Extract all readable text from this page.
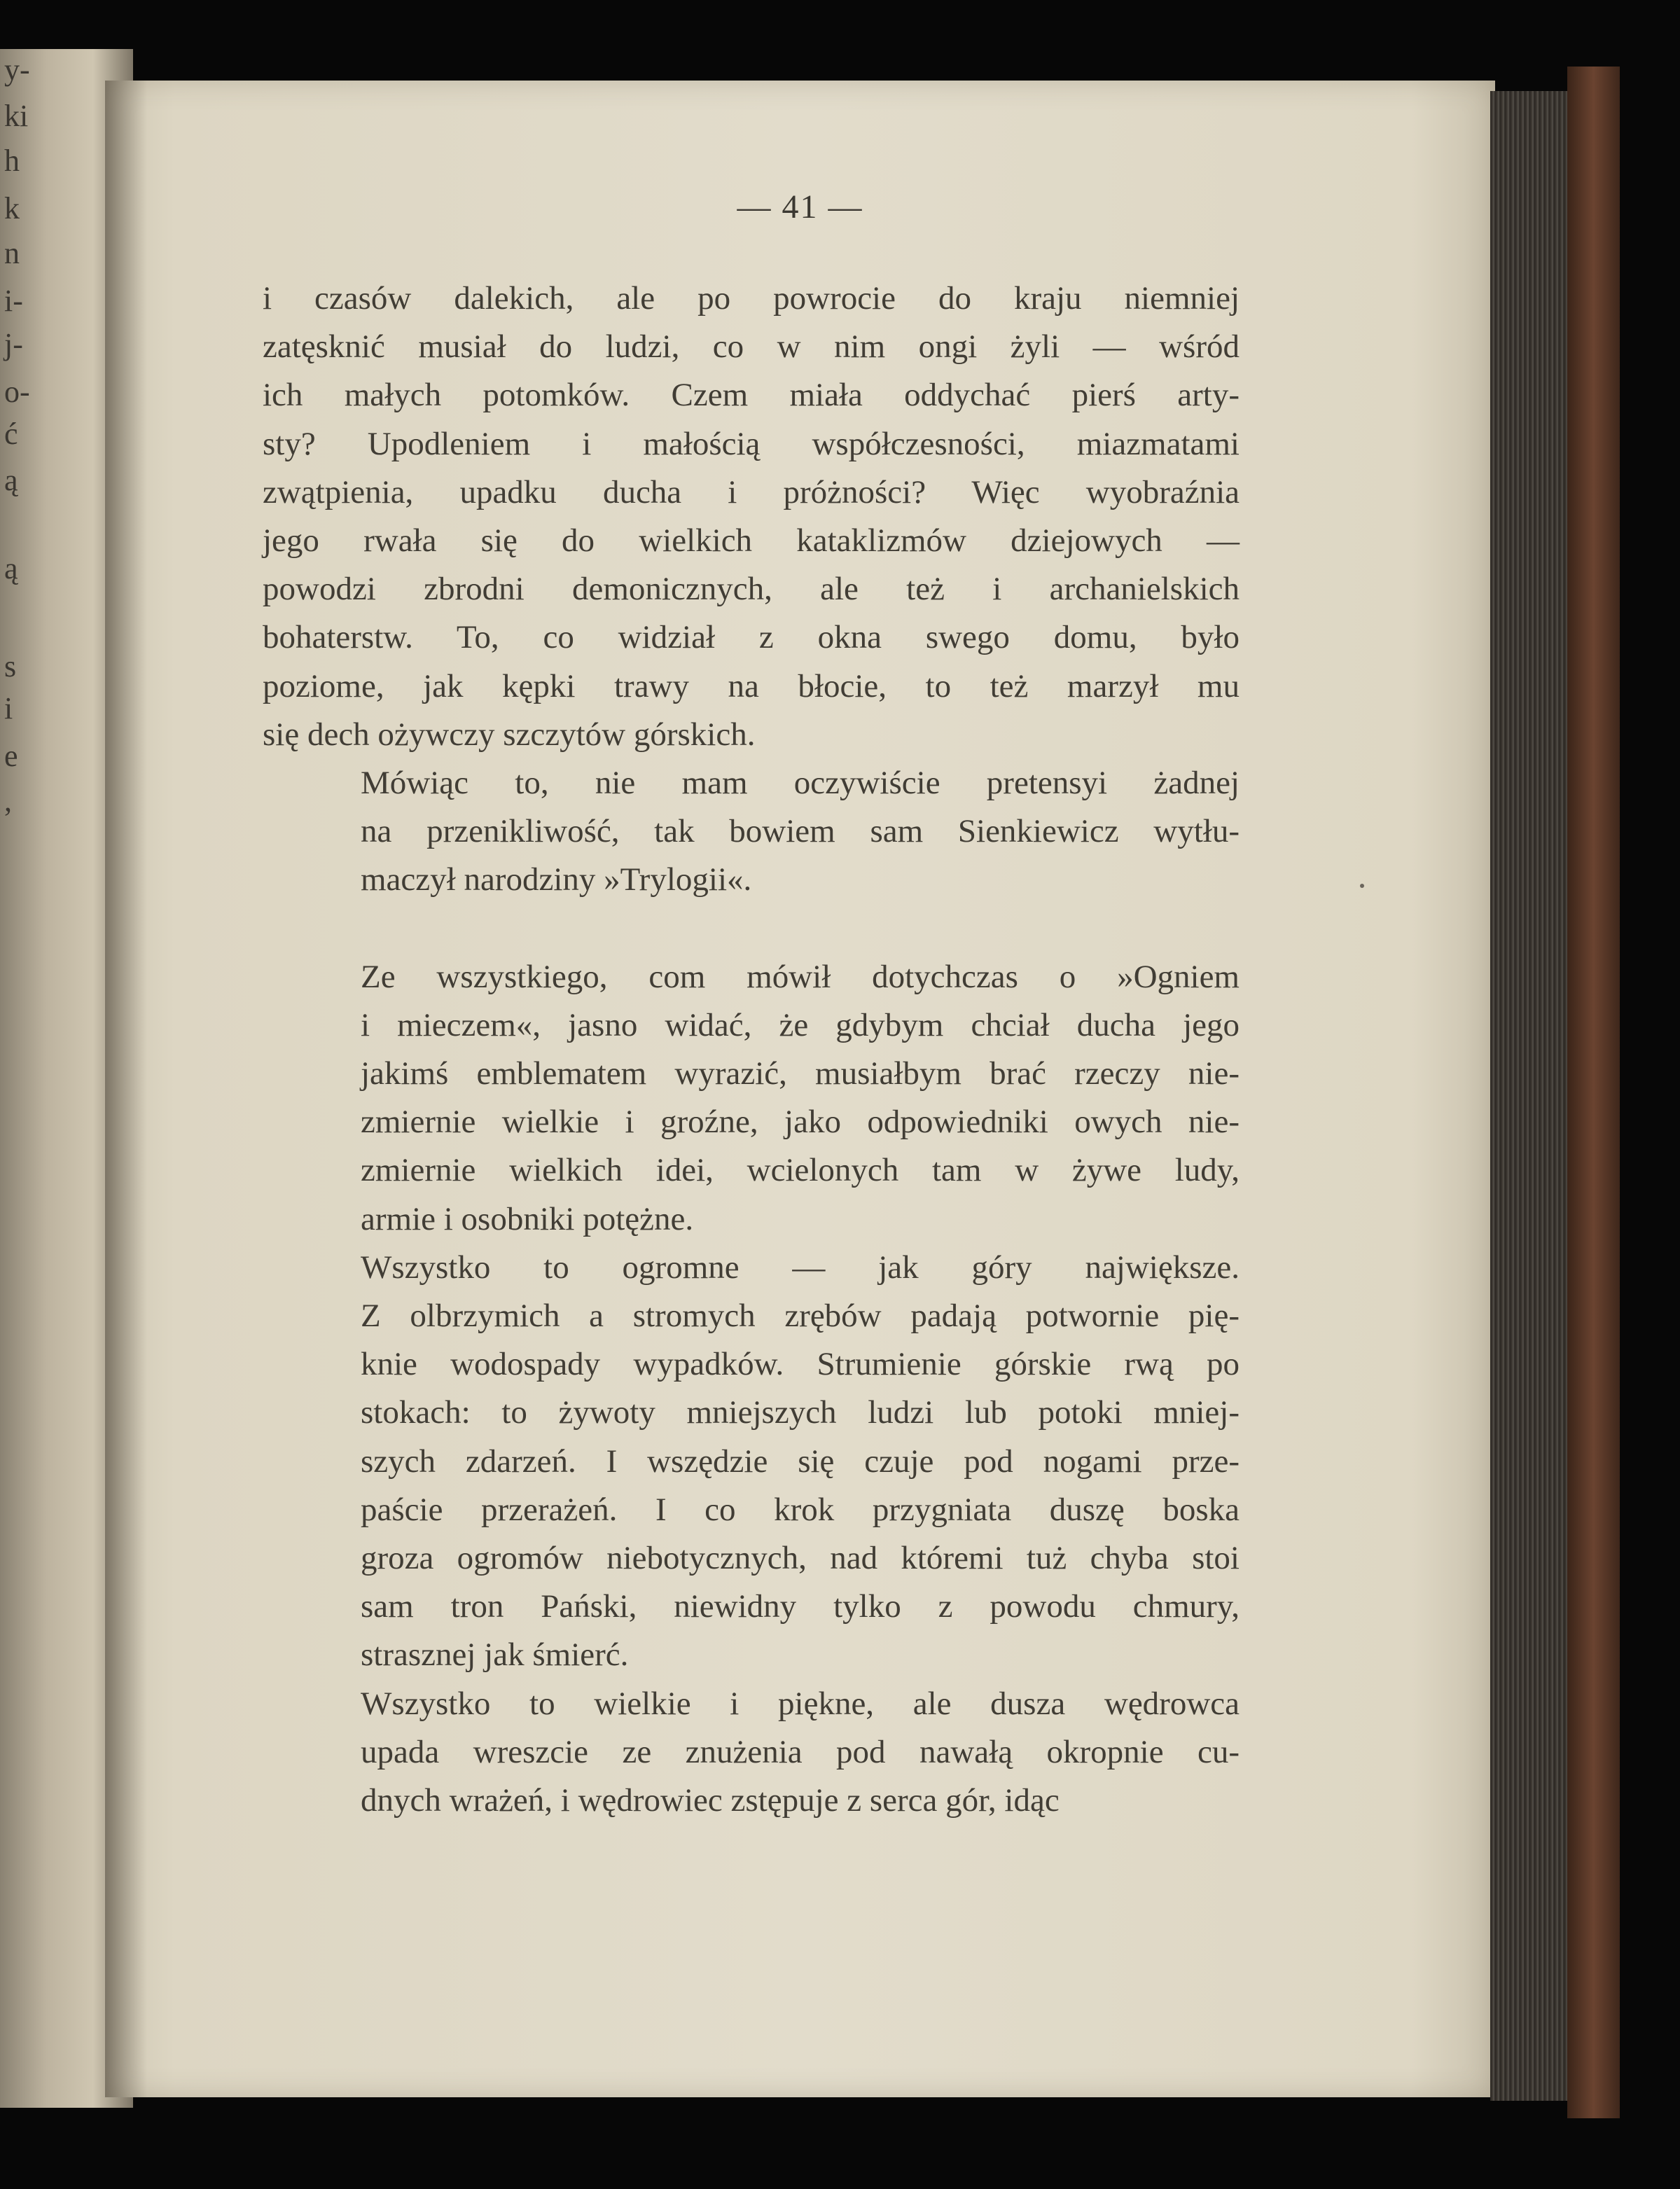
y-
ki
h
k
n
i-
j-
o-
ć
ą
ą
s
i
e
,
— 41 —

i czasów dalekich, ale po powrocie do kraju niemniej
zatęsknić musiał do ludzi, co w nim ongi żyli — wśród
ich małych potomków. Czem miała oddychać pierś arty-
sty? Upodleniem i małością współczesności, miazmatami
zwątpienia, upadku ducha i próżności? Więc wyobraźnia
jego rwała się do wielkich kataklizmów dziejowych —
powodzi zbrodni demonicznych, ale też i archanielskich
bohaterstw. To, co widział z okna swego domu, było
poziome, jak kępki trawy na błocie, to też marzył mu
się dech ożywczy szczytów górskich.

Mówiąc to, nie mam oczywiście pretensyi żadnej
na przenikliwość, tak bowiem sam Sienkiewicz wytłu-
maczył narodziny »Trylogii«.

Ze wszystkiego, com mówił dotychczas o »Ogniem
i mieczem«, jasno widać, że gdybym chciał ducha jego
jakimś emblematem wyrazić, musiałbym brać rzeczy nie-
zmiernie wielkie i groźne, jako odpowiedniki owych nie-
zmiernie wielkich idei, wcielonych tam w żywe ludy,
armie i osobniki potężne.

Wszystko to ogromne — jak góry największe.
Z olbrzymich a stromych zrębów padają potwornie pię-
knie wodospady wypadków. Strumienie górskie rwą po
stokach: to żywoty mniejszych ludzi lub potoki mniej-
szych zdarzeń. I wszędzie się czuje pod nogami prze-
paście przerażeń. I co krok przygniata duszę boska
groza ogromów niebotycznych, nad któremi tuż chyba stoi
sam tron Pański, niewidny tylko z powodu chmury,
strasznej jak śmierć.

Wszystko to wielkie i piękne, ale dusza wędrowca
upada wreszcie ze znużenia pod nawałą okropnie cu-
dnych wrażeń, i wędrowiec zstępuje z serca gór, idąc
